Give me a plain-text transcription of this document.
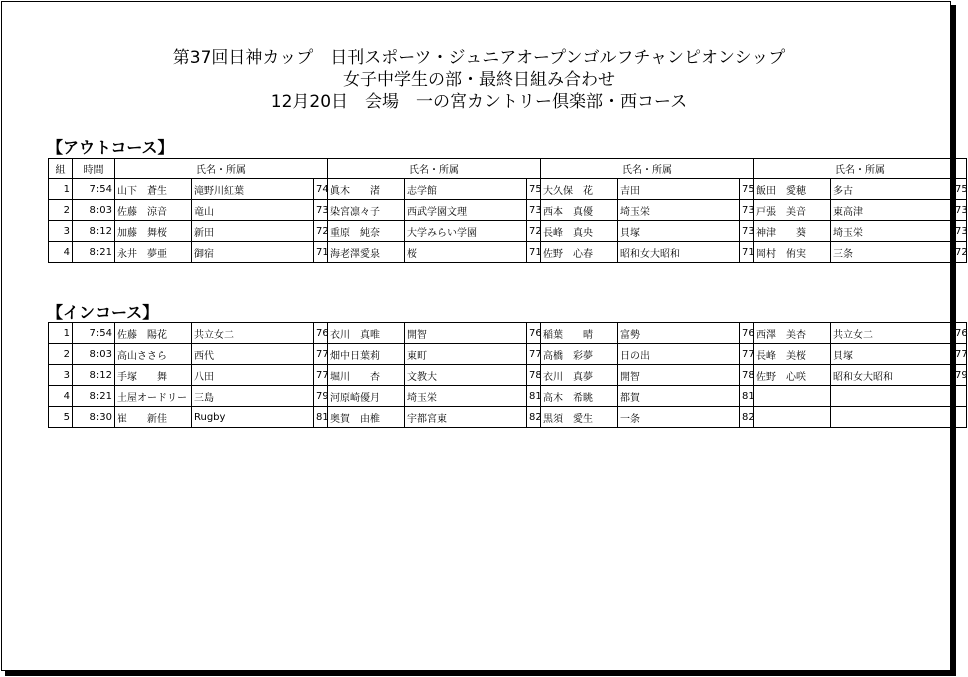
第37回日神カップ　日刊スポーツ・ジュニアオープンゴルフチャンピオンシップ
女子中学生の部・最終日組み合わせ
12月20日　会場　一の宮カントリー倶楽部・西コース
【アウトコース】
組	時間	氏名・所属			氏名・所属			氏名・所属			氏名・所属		
1	7:54	山下　蒼生	滝野川紅葉	74	眞木　　渚	志学館	75	大久保　花	吉田	75	飯田　愛穂	多古	75
2	8:03	佐藤　涼音	竜山	73	染宮凛々子	西武学園文理	73	西本　真優	埼玉栄	73	戸張　美音	東高津	73
3	8:12	加藤　舞桜	新田	72	重原　純奈	大学みらい学園	72	長峰　真央	貝塚	73	神津　　葵	埼玉栄	73
4	8:21	永井　夢亜	御宿	71	海老澤愛泉	桜	71	佐野　心春	昭和女大昭和	71	岡村　侑実	三条	72
【インコース】
1	7:54	佐藤　陽花	共立女二	76	衣川　真唯	開智	76	稲葉　　晴	富勢	76	西澤　美杏	共立女二	76
2	8:03	高山ささら	西代	77	畑中日葉莉	東町	77	高橋　彩夢	日の出	77	長峰　美桜	貝塚	77
3	8:12	手塚　　舞	八田	77	堀川　　杏	文教大	78	衣川　真夢	開智	78	佐野　心咲	昭和女大昭和	79
4	8:21	土屋オードリー	三島	79	河原崎優月	埼玉栄	81	高木　希眺	都賀	81			
5	8:30	崔　　新佳	Rugby	81	奥賀　由椎	宇都宮東	82	黒須　愛生	一条	82			
